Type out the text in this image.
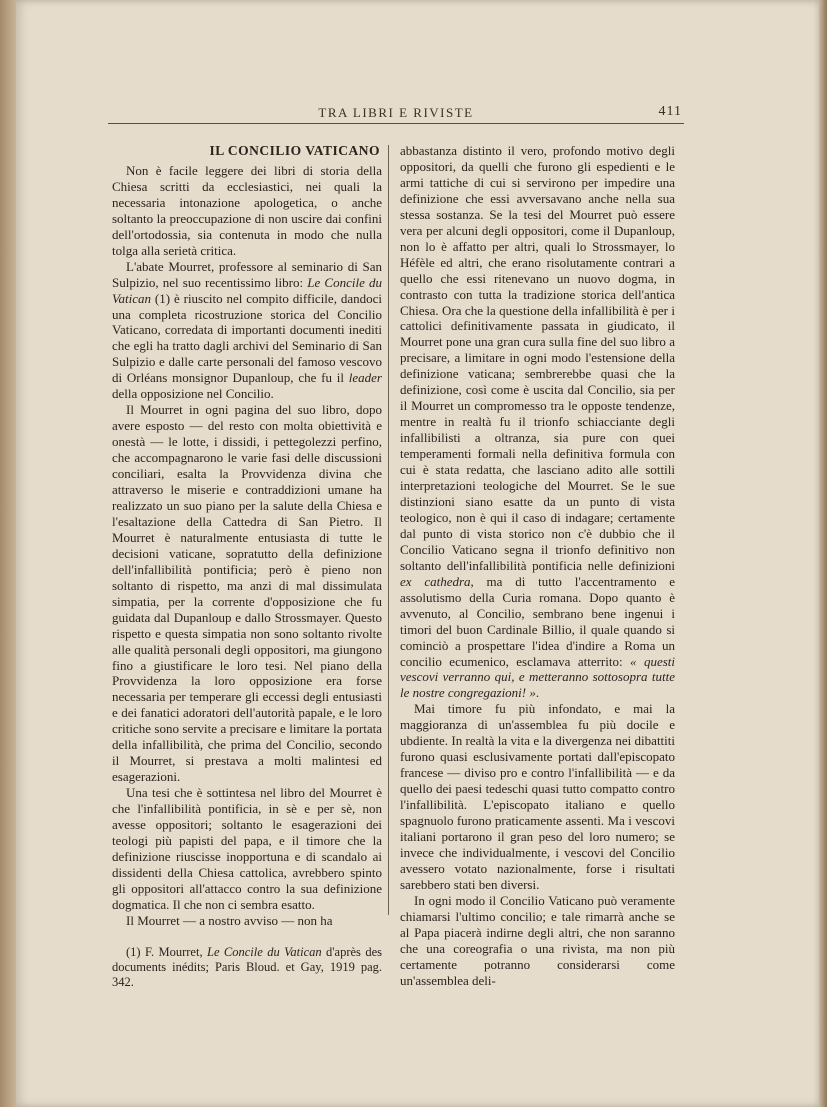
TRA LIBRI E RIVISTE	411
IL CONCILIO VATICANO

Non è facile leggere dei libri di storia della Chiesa scritti da ecclesiastici, nei quali la necessaria intonazione apologetica, o anche soltanto la preoccupazione di non uscire dai confini dell'ortodossia, sia contenuta in modo che nulla tolga alla serietà critica.

L'abate Mourret, professore al seminario di San Sulpizio, nel suo recentissimo libro: Le Concile du Vatican (1) è riuscito nel compito difficile, dandoci una completa ricostruzione storica del Concilio Vaticano, corredata di importanti documenti inediti che egli ha tratto dagli archivi del Seminario di San Sulpizio e dalle carte personali del famoso vescovo di Orléans monsignor Dupanloup, che fu il leader della opposizione nel Concilio.

Il Mourret in ogni pagina del suo libro, dopo avere esposto — del resto con molta obiettività e onestà — le lotte, i dissidi, i pettegolezzi perfino, che accompagnarono le varie fasi delle discussioni conciliari, esalta la Provvidenza divina che attraverso le miserie e contraddizioni umane ha realizzato un suo piano per la salute della Chiesa e l'esaltazione della Cattedra di San Pietro. Il Mourret è naturalmente entusiasta di tutte le decisioni vaticane, sopratutto della definizione dell'infallibilità pontificia; però è pieno non soltanto di rispetto, ma anzi di mal dissimulata simpatia, per la corrente d'opposizione che fu guidata dal Dupanloup e dallo Strossmayer. Questo rispetto e questa simpatia non sono soltanto rivolte alle qualità personali degli oppositori, ma giungono fino a giustificare le loro tesi. Nel piano della Provvidenza la loro opposizione era forse necessaria per temperare gli eccessi degli entusiasti e dei fanatici adoratori dell'autorità papale, e le loro critiche sono servite a precisare e limitare la portata della infallibilità, che prima del Concilio, secondo il Mourret, si prestava a molti malintesi ed esagerazioni.

Una tesi che è sottintesa nel libro del Mourret è che l'infallibilità pontificia, in sè e per sè, non avesse oppositori; soltanto le esagerazioni dei teologi più papisti del papa, e il timore che la definizione riuscisse inopportuna e di scandalo ai dissidenti della Chiesa cattolica, avrebbero spinto gli oppositori all'attacco contro la sua definizione dogmatica. Il che non ci sembra esatto.

Il Mourret — a nostro avviso — non ha

(1) F. Mourret, Le Concile du Vatican d'après des documents inédits; Paris Bloud. et Gay, 1919 pag. 342.

abbastanza distinto il vero, profondo motivo degli oppositori, da quelli che furono gli espedienti e le armi tattiche di cui si servirono per impedire una definizione che essi avversavano anche nella sua stessa sostanza. Se la tesi del Mourret può essere vera per alcuni degli oppositori, come il Dupanloup, non lo è affatto per altri, quali lo Strossmayer, lo Héfèle ed altri, che erano risolutamente contrari a quello che essi ritenevano un nuovo dogma, in contrasto con tutta la tradizione storica dell'antica Chiesa. Ora che la questione della infallibilità è per i cattolici definitivamente passata in giudicato, il Mourret pone una gran cura sulla fine del suo libro a precisare, a limitare in ogni modo l'estensione della definizione vaticana; sembrerebbe quasi che la definizione, così come è uscita dal Concilio, sia per il Mourret un compromesso tra le opposte tendenze, mentre in realtà fu il trionfo schiacciante degli infallibilisti a oltranza, sia pure con quei temperamenti formali nella definitiva formula con cui è stata redatta, che lasciano adito alle sottili interpretazioni teologiche del Mourret. Se le sue distinzioni siano esatte da un punto di vista teologico, non è qui il caso di indagare; certamente dal punto di vista storico non c'è dubbio che il Concilio Vaticano segna il trionfo definitivo non soltanto dell'infallibilità pontificia nelle definizioni ex cathedra, ma di tutto l'accentramento e assolutismo della Curia romana. Dopo quanto è avvenuto, al Concilio, sembrano bene ingenui i timori del buon Cardinale Billio, il quale quando si cominciò a prospettare l'idea d'indire a Roma un concilio ecumenico, esclamava atterrito: « questi vescovi verranno qui, e metteranno sottosopra tutte le nostre congregazioni! ».

Mai timore fu più infondato, e mai la maggioranza di un'assemblea fu più docile e ubdiente. In realtà la vita e la divergenza nei dibattiti furono quasi esclusivamente portati dall'episcopato francese — diviso pro e contro l'infallibilità — e da quello dei paesi tedeschi quasi tutto compatto contro l'infallibilità. L'episcopato italiano e quello spagnuolo furono praticamente assenti. Ma i vescovi italiani portarono il gran peso del loro numero; se invece che individualmente, i vescovi del Concilio avessero votato nazionalmente, forse i risultati sarebbero stati ben diversi.

In ogni modo il Concilio Vaticano può veramente chiamarsi l'ultimo concilio; e tale rimarrà anche se al Papa piacerà indirne degli altri, che non saranno che una coreografia o una rivista, ma non più certamente potranno considerarsi come un'assemblea deli-
